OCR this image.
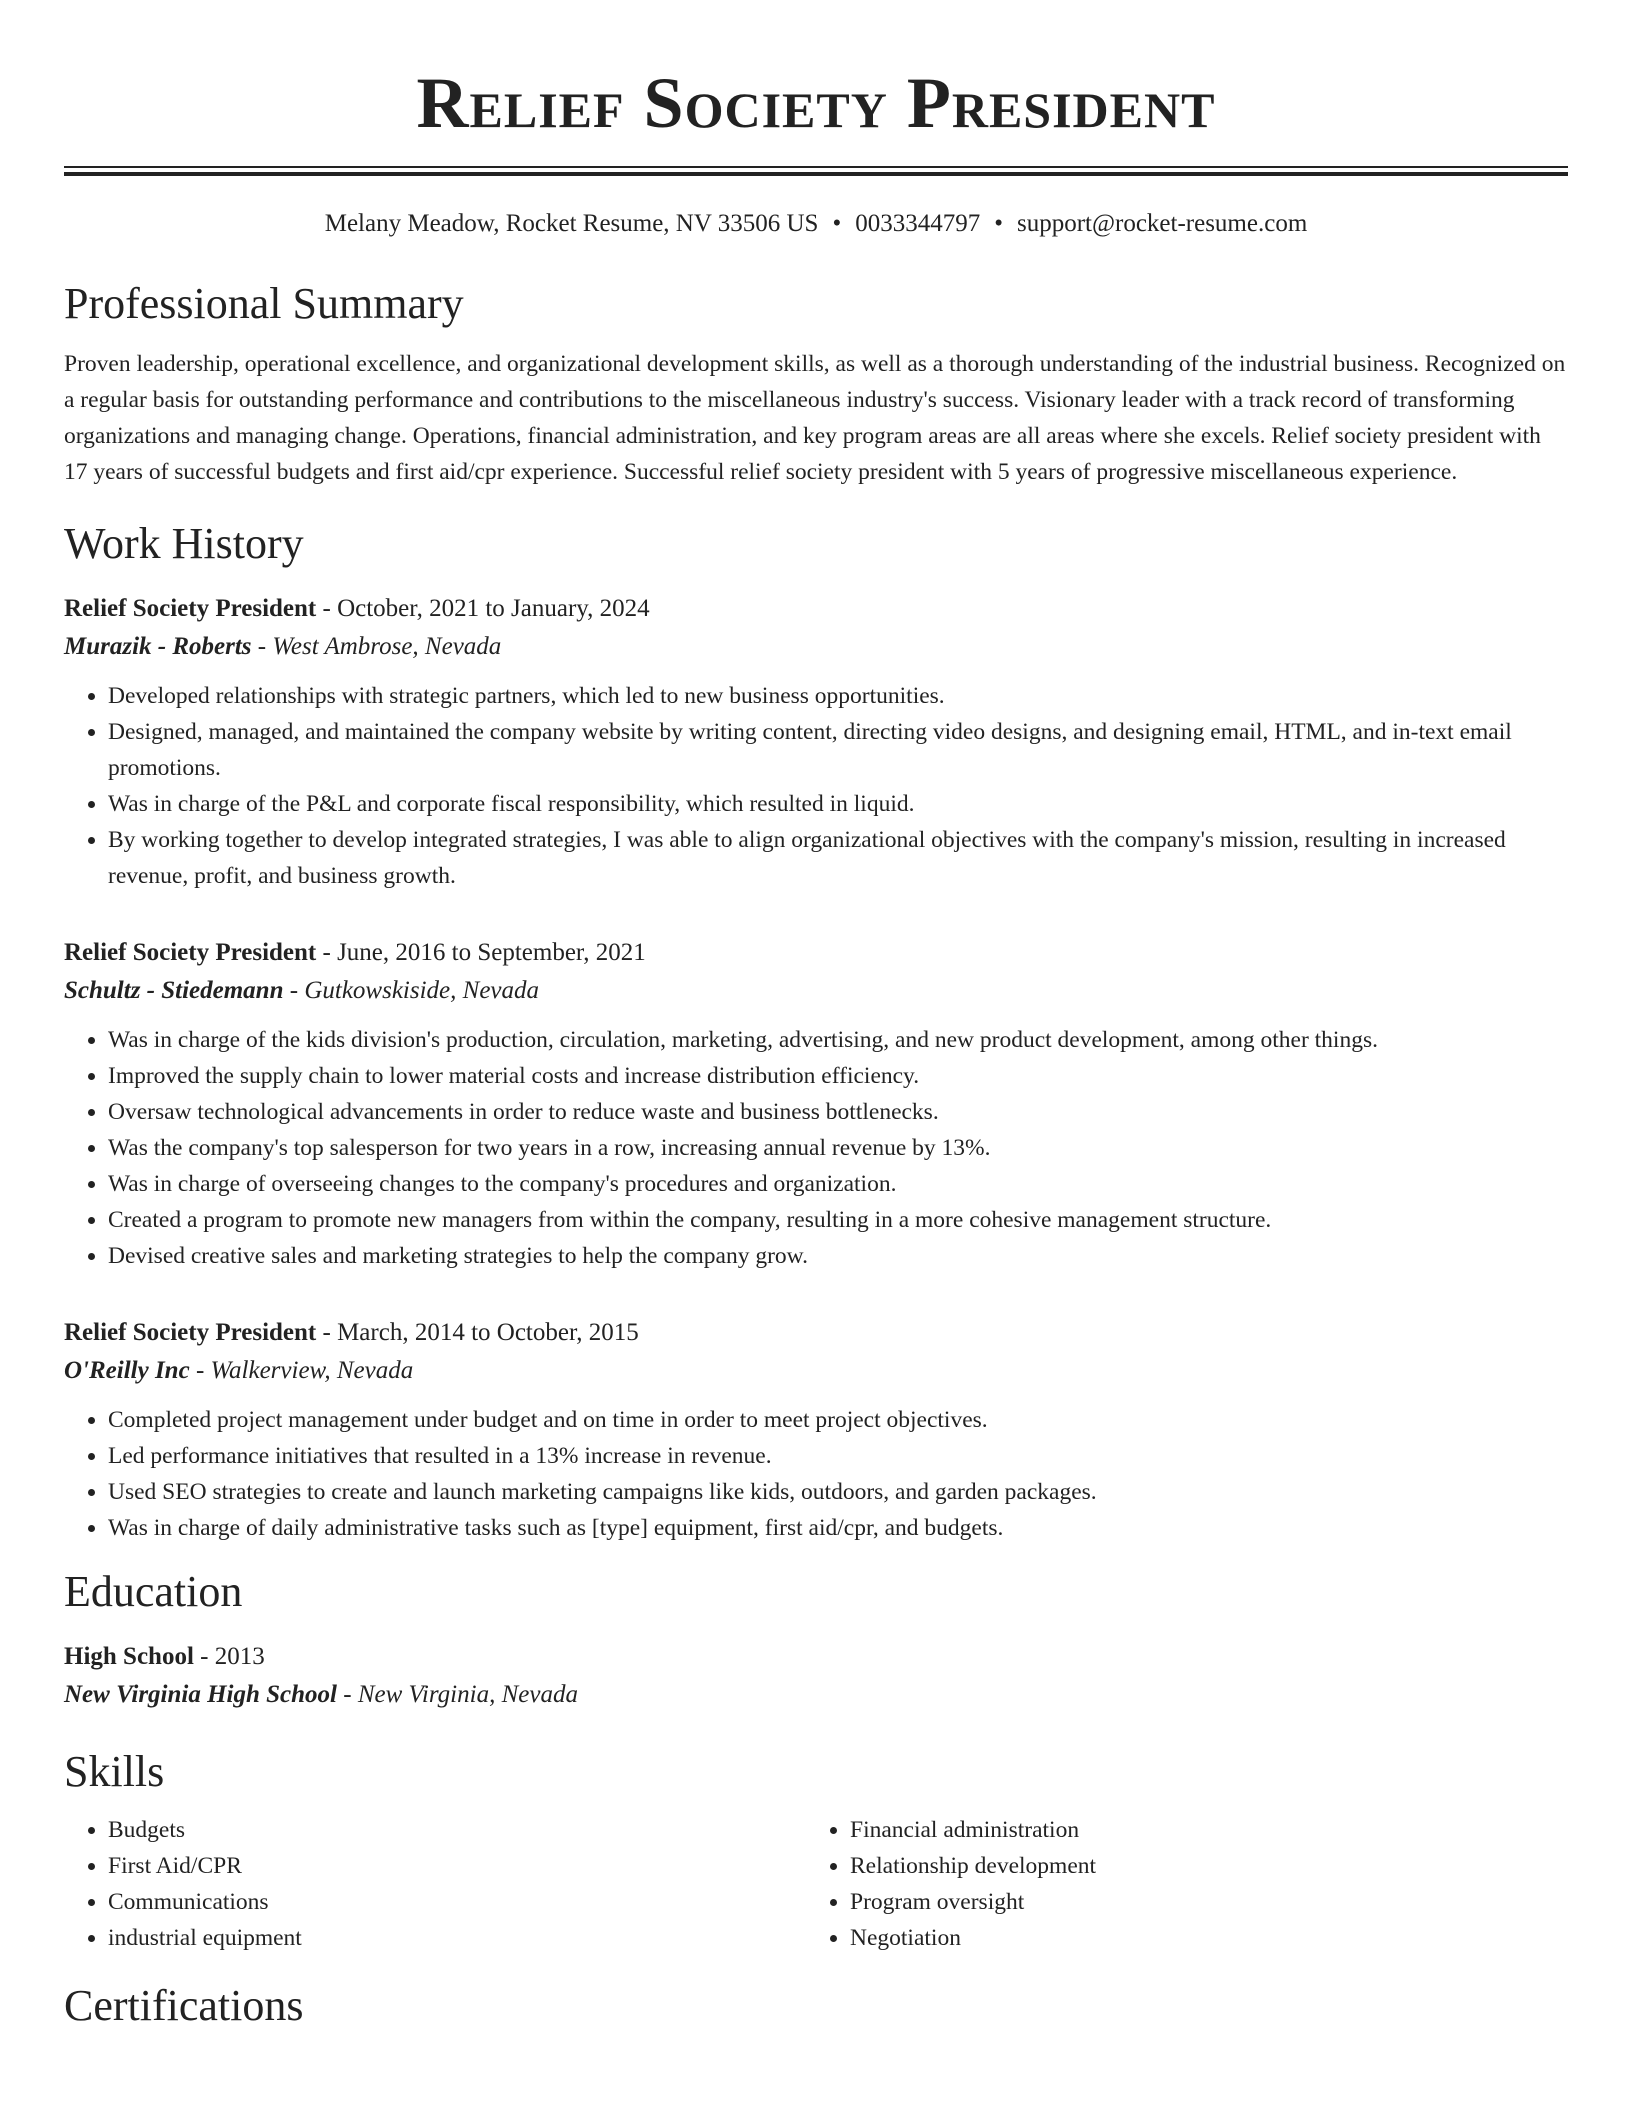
Relief Society President
Melany Meadow, Rocket Resume, NV 33506 US • 0033344797 • support@rocket-resume.com
Professional Summary

Proven leadership, operational excellence, and organizational development skills, as well as a thorough understanding of the industrial business. Recognized on a regular basis for outstanding performance and contributions to the miscellaneous industry's success. Visionary leader with a track record of transforming organizations and managing change. Operations, financial administration, and key program areas are all areas where she excels. Relief society president with 17 years of successful budgets and first aid/cpr experience. Successful relief society president with 5 years of progressive miscellaneous experience.

Work History
Relief Society President - October, 2021 to January, 2024
Murazik - Roberts - West Ambrose, Nevada
• Developed relationships with strategic partners, which led to new business opportunities.
• Designed, managed, and maintained the company website by writing content, directing video designs, and designing email, HTML, and in-text email promotions.
• Was in charge of the P&L and corporate fiscal responsibility, which resulted in liquid.
• By working together to develop integrated strategies, I was able to align organizational objectives with the company's mission, resulting in increased revenue, profit, and business growth.
Relief Society President - June, 2016 to September, 2021
Schultz - Stiedemann - Gutkowskiside, Nevada
• Was in charge of the kids division's production, circulation, marketing, advertising, and new product development, among other things.
• Improved the supply chain to lower material costs and increase distribution efficiency.
• Oversaw technological advancements in order to reduce waste and business bottlenecks.
• Was the company's top salesperson for two years in a row, increasing annual revenue by 13%.
• Was in charge of overseeing changes to the company's procedures and organization.
• Created a program to promote new managers from within the company, resulting in a more cohesive management structure.
• Devised creative sales and marketing strategies to help the company grow.
Relief Society President - March, 2014 to October, 2015
O'Reilly Inc - Walkerview, Nevada
• Completed project management under budget and on time in order to meet project objectives.
• Led performance initiatives that resulted in a 13% increase in revenue.
• Used SEO strategies to create and launch marketing campaigns like kids, outdoors, and garden packages.
• Was in charge of daily administrative tasks such as [type] equipment, first aid/cpr, and budgets.
Education
High School - 2013
New Virginia High School - New Virginia, Nevada
Skills
• Budgets
• First Aid/CPR
• Communications
• industrial equipment
• Financial administration
• Relationship development
• Program oversight
• Negotiation
Certifications
